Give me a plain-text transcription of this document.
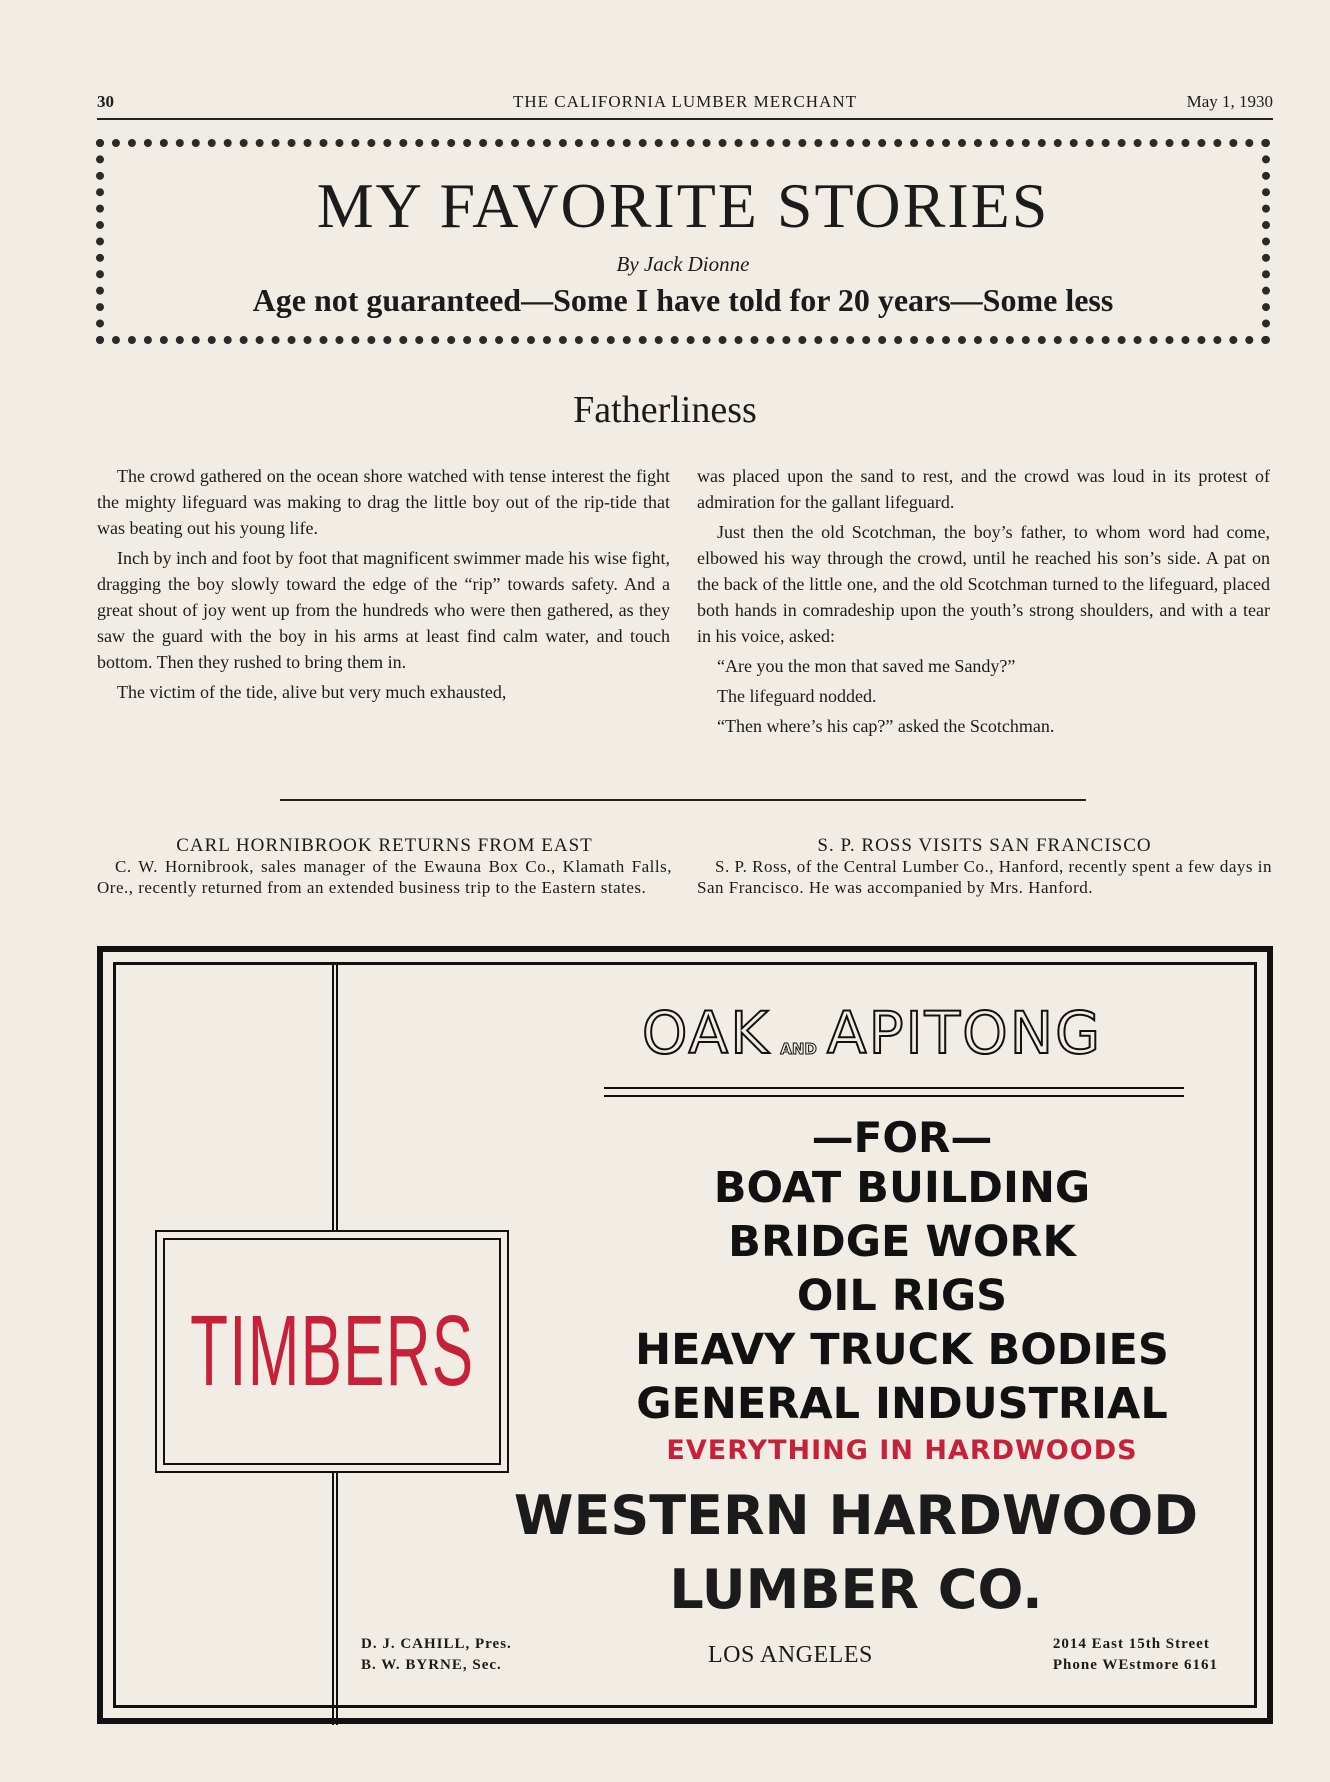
30	THE CALIFORNIA LUMBER MERCHANT	May 1, 1930
MY FAVORITE STORIES
By Jack Dionne
Age not guaranteed—Some I have told for 20 years—Some less
Fatherliness

The crowd gathered on the ocean shore watched with tense interest the fight the mighty lifeguard was making to drag the little boy out of the rip-tide that was beating out his young life.

Inch by inch and foot by foot that magnificent swimmer made his wise fight, dragging the boy slowly toward the edge of the “rip” towards safety. And a great shout of joy went up from the hundreds who were then gathered, as they saw the guard with the boy in his arms at least find calm water, and touch bottom. Then they rushed to bring them in.

The victim of the tide, alive but very much exhausted,

was placed upon the sand to rest, and the crowd was loud in its protest of admiration for the gallant lifeguard.

Just then the old Scotchman, the boy’s father, to whom word had come, elbowed his way through the crowd, until he reached his son’s side. A pat on the back of the little one, and the old Scotchman turned to the lifeguard, placed both hands in comradeship upon the youth’s strong shoulders, and with a tear in his voice, asked:

“Are you the mon that saved me Sandy?”

The lifeguard nodded.

“Then where’s his cap?” asked the Scotchman.

CARL HORNIBROOK RETURNS FROM EAST

C. W. Hornibrook, sales manager of the Ewauna Box Co., Klamath Falls, Ore., recently returned from an extended business trip to the Eastern states.

S. P. ROSS VISITS SAN FRANCISCO

S. P. Ross, of the Central Lumber Co., Hanford, recently spent a few days in San Francisco. He was accompanied by Mrs. Hanford.

TIMBERS
OAK AND APITONG
—FOR—
BOAT BUILDING
BRIDGE WORK
OIL RIGS
HEAVY TRUCK BODIES
GENERAL INDUSTRIAL
EVERYTHING IN HARDWOODS
WESTERN HARDWOOD
LUMBER CO.
D. J. CAHILL, Pres.
B. W. BYRNE, Sec.	LOS ANGELES	2014 East 15th Street
Phone WEstmore 6161
